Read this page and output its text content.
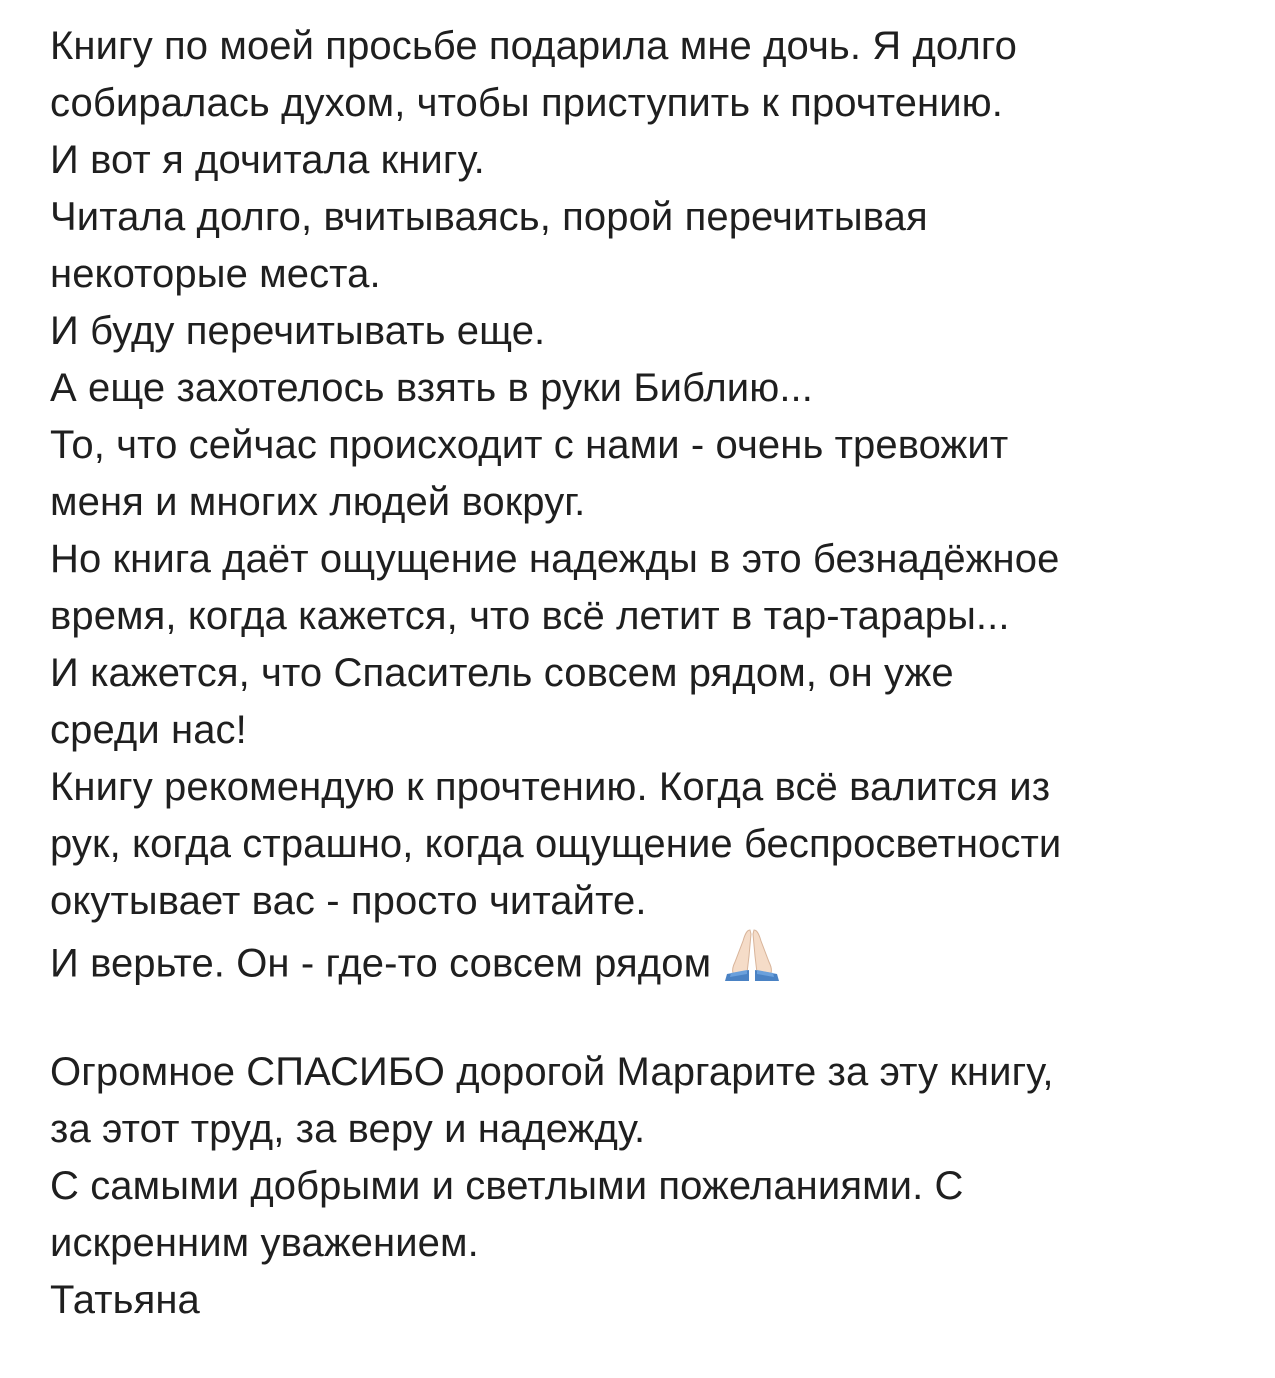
Книгу по моей просьбе подарила мне дочь. Я долго
собиралась духом, чтобы приступить к прочтению.
И вот я дочитала книгу.
Читала долго, вчитываясь, порой перечитывая
некоторые места.
И буду перечитывать еще.
А еще захотелось взять в руки Библию...
То, что сейчас происходит с нами - очень тревожит
меня и многих людей вокруг.
Но книга даёт ощущение надежды в это безнадёжное
время, когда кажется, что всё летит в тар-тарары...
И кажется, что Спаситель совсем рядом, он уже
среди нас!
Книгу рекомендую к прочтению. Когда всё валится из
рук, когда страшно, когда ощущение беспросветности
окутывает вас - просто читайте.
И верьте. Он - где-то совсем рядом
Огромное СПАСИБО дорогой Маргарите за эту книгу,
за этот труд, за веру и надежду.
С самыми добрыми и светлыми пожеланиями. С
искренним уважением.
Татьяна
